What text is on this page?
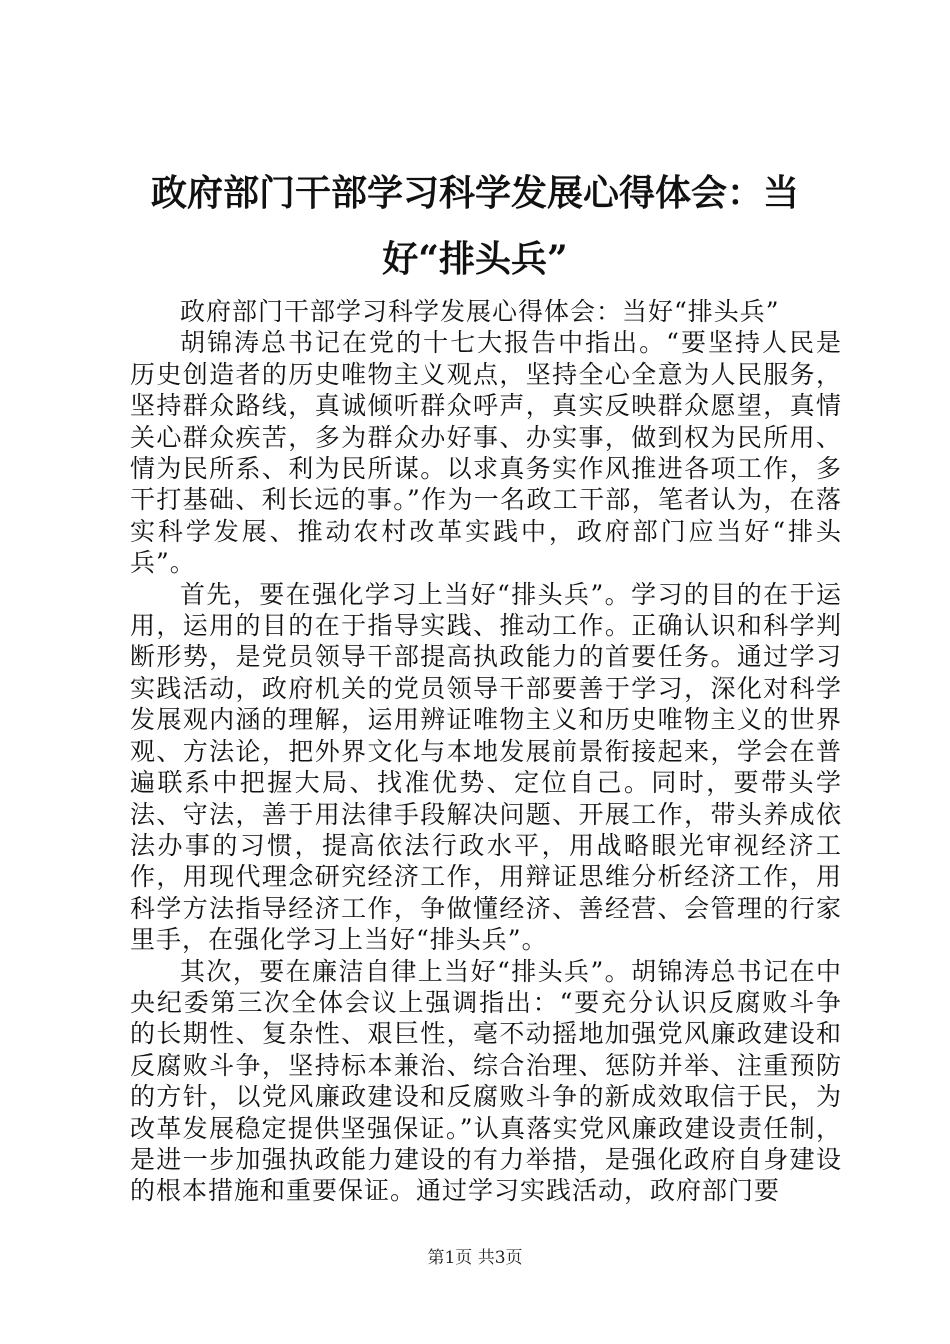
政府部门干部学习科学发展心得体会：当好“排头兵”

政府部门干部学习科学发展心得体会：当好“排头兵”

胡锦涛总书记在党的十七大报告中指出。“要坚持人民是历史创造者的历史唯物主义观点，坚持全心全意为人民服务，坚持群众路线，真诚倾听群众呼声，真实反映群众愿望，真情关心群众疾苦，多为群众办好事、办实事，做到权为民所用、情为民所系、利为民所谋。以求真务实作风推进各项工作，多干打基础、利长远的事。”作为一名政工干部，笔者认为，在落实科学发展、推动农村改革实践中，政府部门应当好“排头兵”。

首先，要在强化学习上当好“排头兵”。学习的目的在于运用，运用的目的在于指导实践、推动工作。正确认识和科学判断形势，是党员领导干部提高执政能力的首要任务。通过学习实践活动，政府机关的党员领导干部要善于学习，深化对科学发展观内涵的理解，运用辨证唯物主义和历史唯物主义的世界观、方法论，把外界文化与本地发展前景衔接起来，学会在普遍联系中把握大局、找准优势、定位自己。同时，要带头学法、守法，善于用法律手段解决问题、开展工作，带头养成依法办事的习惯，提高依法行政水平，用战略眼光审视经济工作，用现代理念研究经济工作，用辩证思维分析经济工作，用科学方法指导经济工作，争做懂经济、善经营、会管理的行家里手，在强化学习上当好“排头兵”。

其次，要在廉洁自律上当好“排头兵”。胡锦涛总书记在中央纪委第三次全体会议上强调指出：“要充分认识反腐败斗争的长期性、复杂性、艰巨性，毫不动摇地加强党风廉政建设和反腐败斗争，坚持标本兼治、综合治理、惩防并举、注重预防的方针，以党风廉政建设和反腐败斗争的新成效取信于民，为改革发展稳定提供坚强保证。”认真落实党风廉政建设责任制，是进一步加强执政能力建设的有力举措，是强化政府自身建设的根本措施和重要保证。通过学习实践活动，政府部门要

第1页 共3页
